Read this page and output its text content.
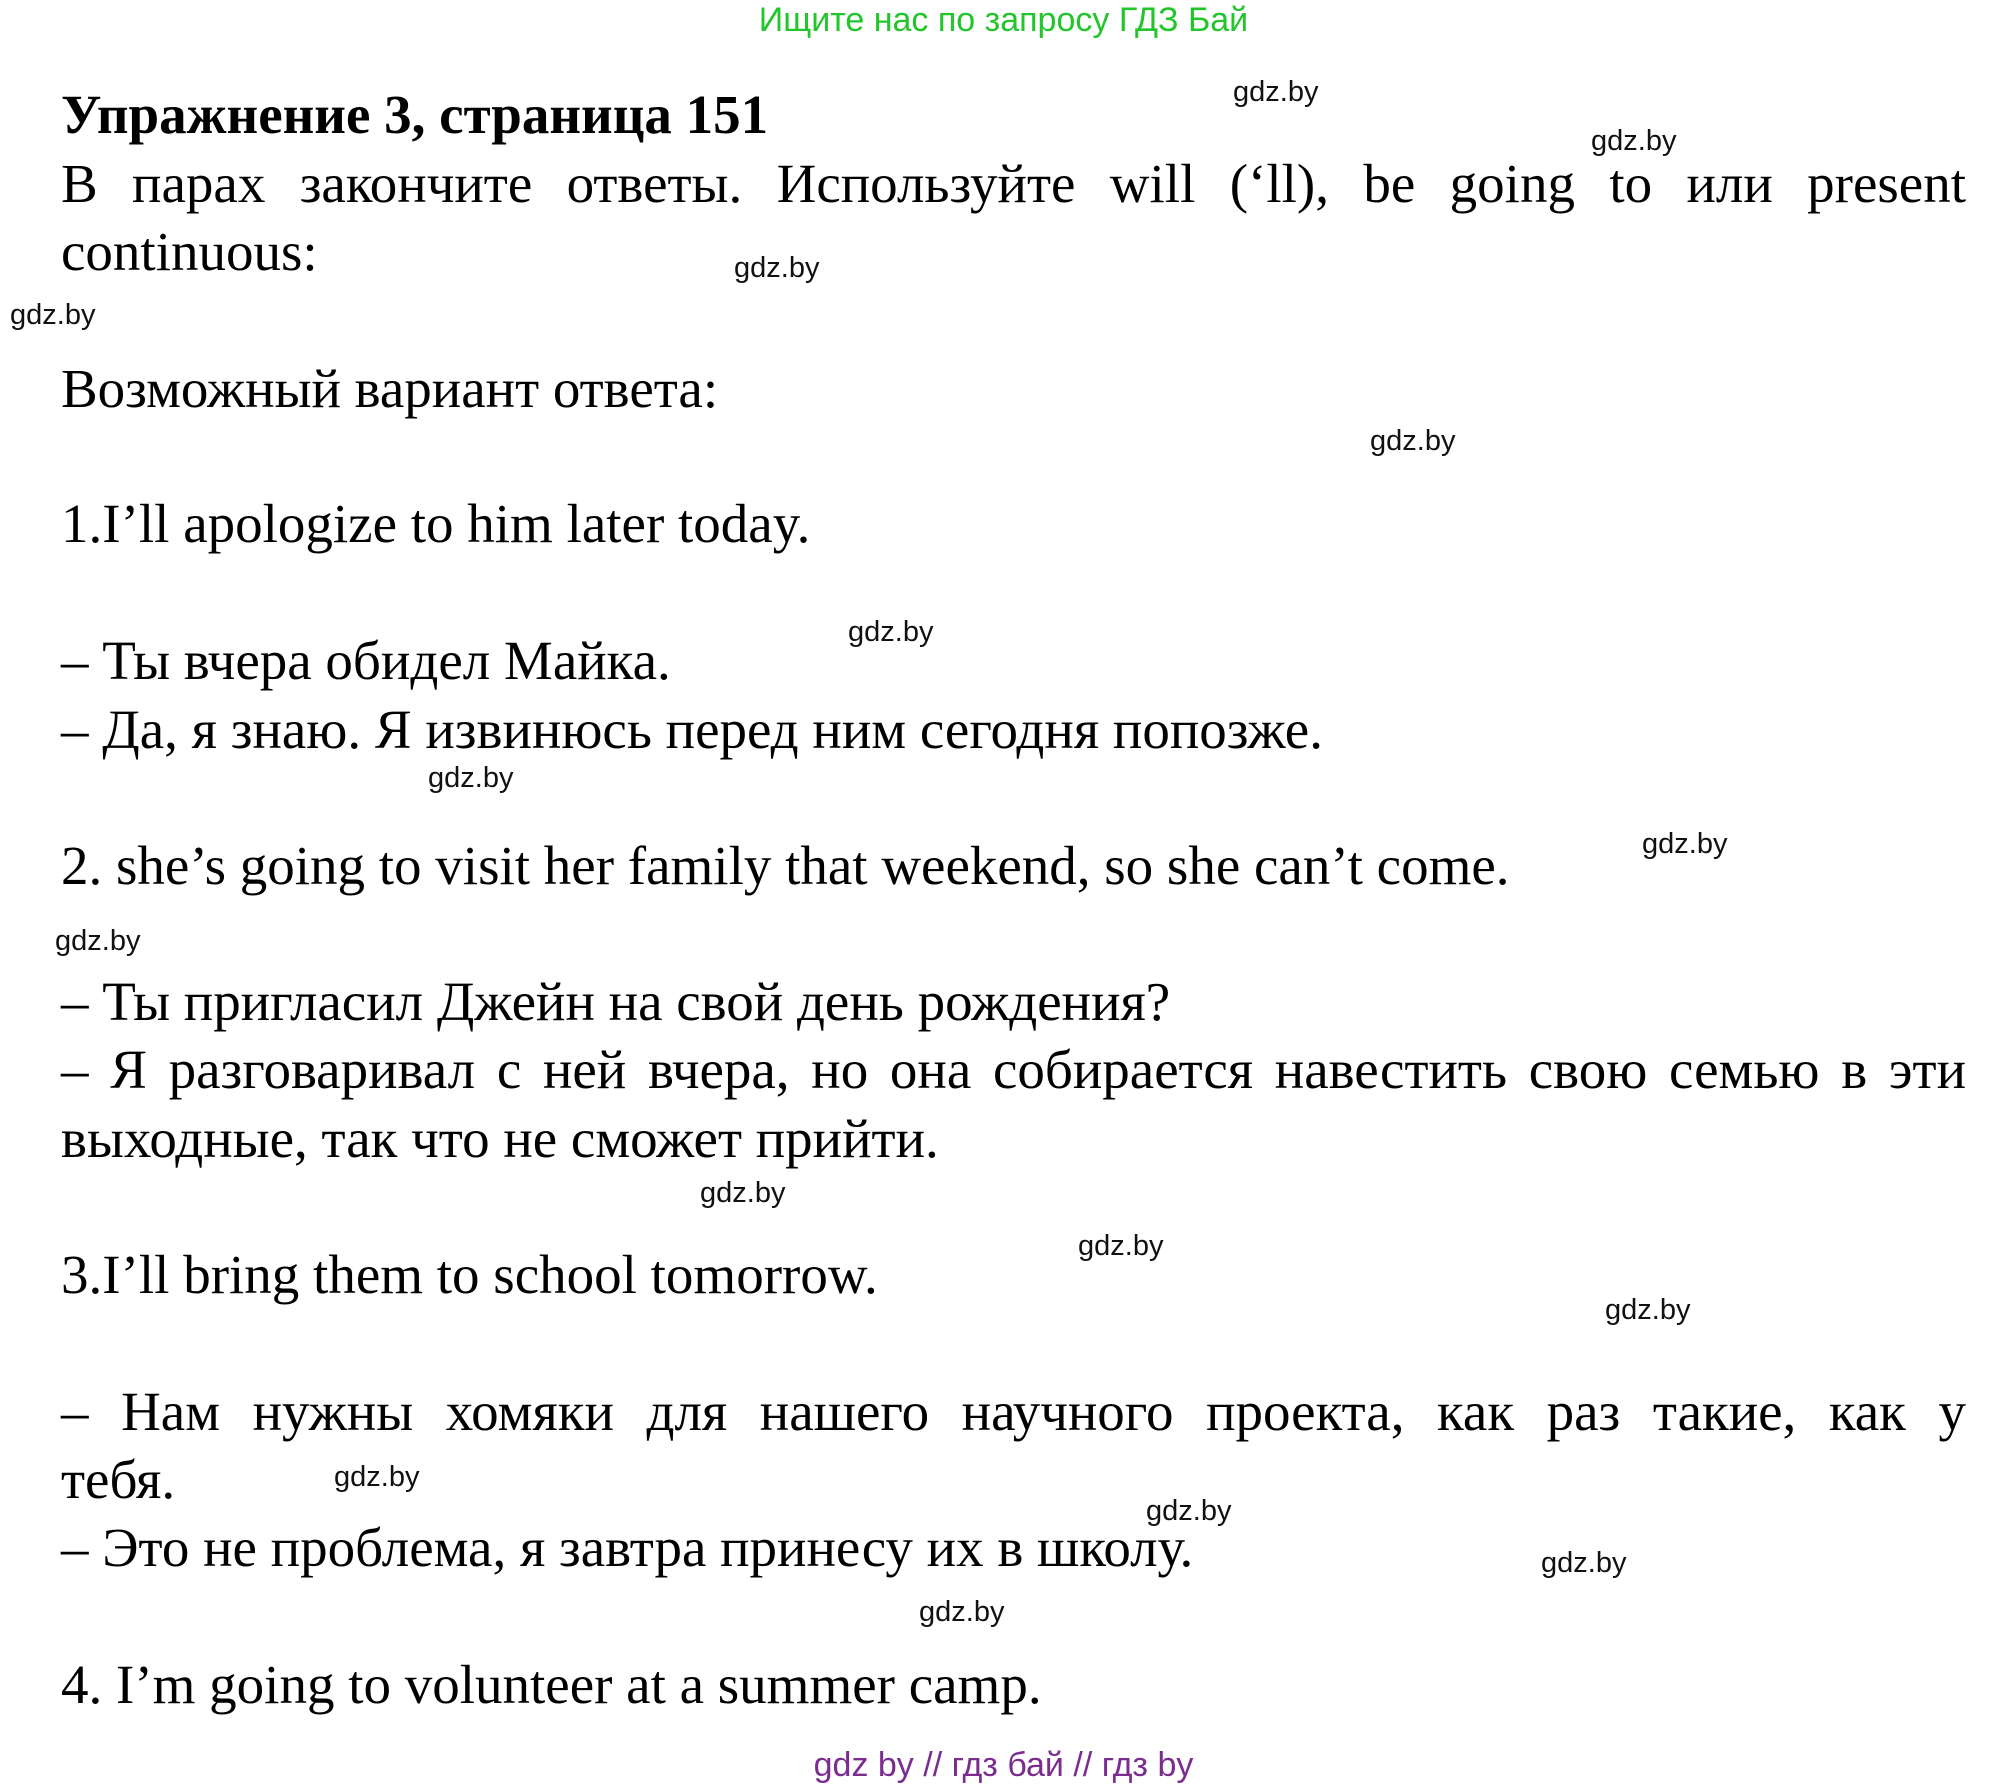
Ищите нас по запросу ГДЗ Бай
Упражнение 3, страница 151
В парах закончите ответы. Используйте will (‘ll), be going to или present
continuous:
Возможный вариант ответа:
1.I’ll apologize to him later today.
– Ты вчера обидел Майка.
– Да, я знаю. Я извинюсь перед ним сегодня попозже.
2. she’s going to visit her family that weekend, so she can’t come.
– Ты пригласил Джейн на свой день рождения?
– Я разговаривал с ней вчера, но она собирается навестить свою семью в эти
выходные, так что не сможет прийти.
3.I’ll bring them to school tomorrow.
– Нам нужны хомяки для нашего научного проекта, как раз такие, как у
тебя.
– Это не проблема, я завтра принесу их в школу.
4. I’m going to volunteer at a summer camp.
gdz.by
gdz.by
gdz.by
gdz.by
gdz.by
gdz.by
gdz.by
gdz.by
gdz.by
gdz.by
gdz.by
gdz.by
gdz.by
gdz.by
gdz.by
gdz.by
gdz by // гдз бай // гдз by
